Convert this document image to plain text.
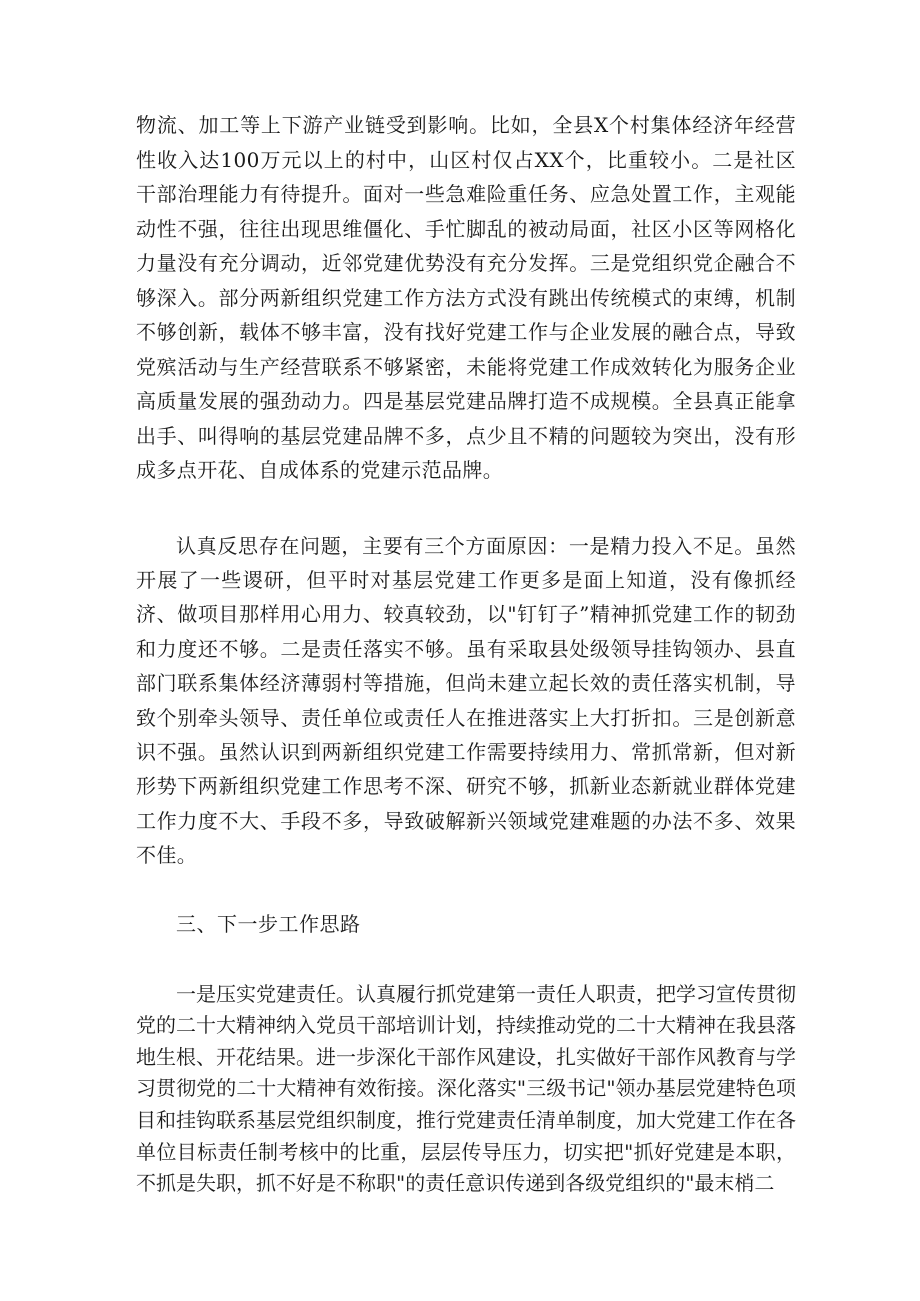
物流、加工等上下游产业链受到影响。比如，全县X个村集体经济年经营性收入达100万元以上的村中，山区村仅占XX个，比重较小。二是社区干部治理能力有待提升。面对一些急难险重任务、应急处置工作，主观能动性不强，往往出现思维僵化、手忙脚乱的被动局面，社区小区等网格化力量没有充分调动，近邻党建优势没有充分发挥。三是党组织党企融合不够深入。部分两新组织党建工作方法方式没有跳出传统模式的束缚，机制不够创新，载体不够丰富，没有找好党建工作与企业发展的融合点，导致党殡活动与生产经营联系不够紧密，未能将党建工作成效转化为服务企业高质量发展的强劲动力。四是基层党建品牌打造不成规模。全县真正能拿出手、叫得响的基层党建品牌不多，点少且不精的问题较为突出，没有形成多点开花、自成体系的党建示范品牌。

认真反思存在问题，主要有三个方面原因：一是精力投入不足。虽然开展了一些谡研，但平时对基层党建工作更多是面上知道，没有像抓经济、做项目那样用心用力、较真较劲，以"钉钉子”精神抓党建工作的韧劲和力度还不够。二是责任落实不够。虽有采取县处级领导挂钩领办、县直部门联系集体经济薄弱村等措施，但尚未建立起长效的责任落实机制，导致个别牵头领导、责任单位或责任人在推进落实上大打折扣。三是创新意识不强。虽然认识到两新组织党建工作需要持续用力、常抓常新，但对新形势下两新组织党建工作思考不深、研究不够，抓新业态新就业群体党建工作力度不大、手段不多，导致破解新兴领域党建难题的办法不多、效果不佳。

三、下一步工作思路

一是压实党建责任。认真履行抓党建第一责任人职责，把学习宣传贯彻党的二十大精神纳入党员干部培训计划，持续推动党的二十大精神在我县落地生根、开花结果。进一步深化干部作风建设，扎实做好干部作风教育与学习贯彻党的二十大精神有效衔接。深化落实"三级书记"领办基层党建特色项目和挂钩联系基层党组织制度，推行党建责任清单制度，加大党建工作在各单位目标责任制考核中的比重，层层传导压力，切实把"抓好党建是本职，不抓是失职，抓不好是不称职"的责任意识传递到各级党组织的"最末梢二
